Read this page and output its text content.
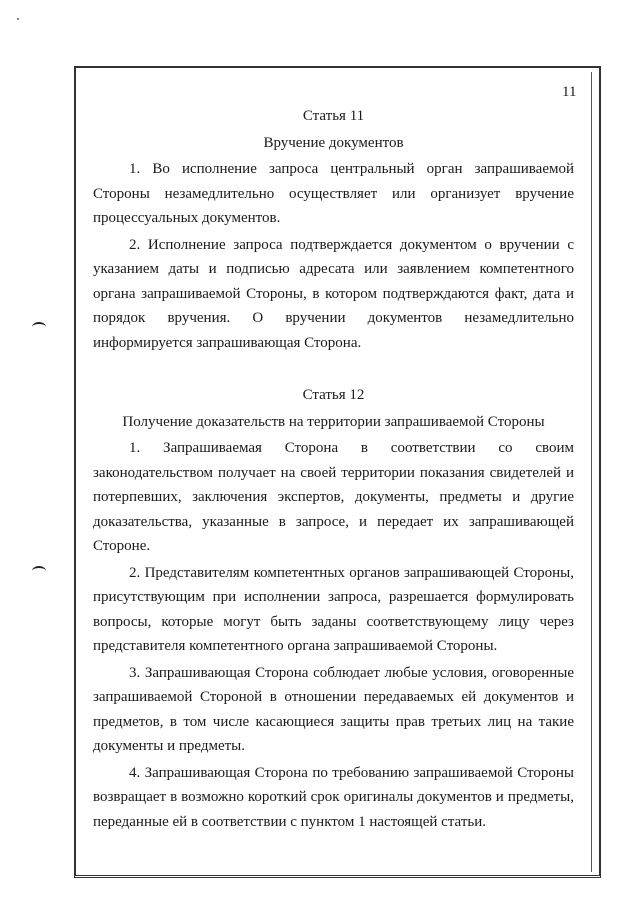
11

Статья 11

Вручение документов

1. Во исполнение запроса центральный орган запрашиваемой Стороны незамедлительно осуществляет или организует вручение процессуальных документов.

2. Исполнение запроса подтверждается документом о вручении с указанием даты и подписью адресата или заявлением компетентного органа запрашиваемой Стороны, в котором подтверждаются факт, дата и порядок вручения. О вручении документов незамедлительно информируется запрашивающая Сторона.

Статья 12

Получение доказательств на территории запрашиваемой Стороны

1. Запрашиваемая Сторона в соответствии со своим законодательством получает на своей территории показания свидетелей и потерпевших, заключения экспертов, документы, предметы и другие доказательства, указанные в запросе, и передает их запрашивающей Стороне.

2. Представителям компетентных органов запрашивающей Стороны, присутствующим при исполнении запроса, разрешается формулировать вопросы, которые могут быть заданы соответствующему лицу через представителя компетентного органа запрашиваемой Стороны.

3. Запрашивающая Сторона соблюдает любые условия, оговоренные запрашиваемой Стороной в отношении передаваемых ей документов и предметов, в том числе касающиеся защиты прав третьих лиц на такие документы и предметы.

4. Запрашивающая Сторона по требованию запрашиваемой Стороны возвращает в возможно короткий срок оригиналы документов и предметы, переданные ей в соответствии с пунктом 1 настоящей статьи.
